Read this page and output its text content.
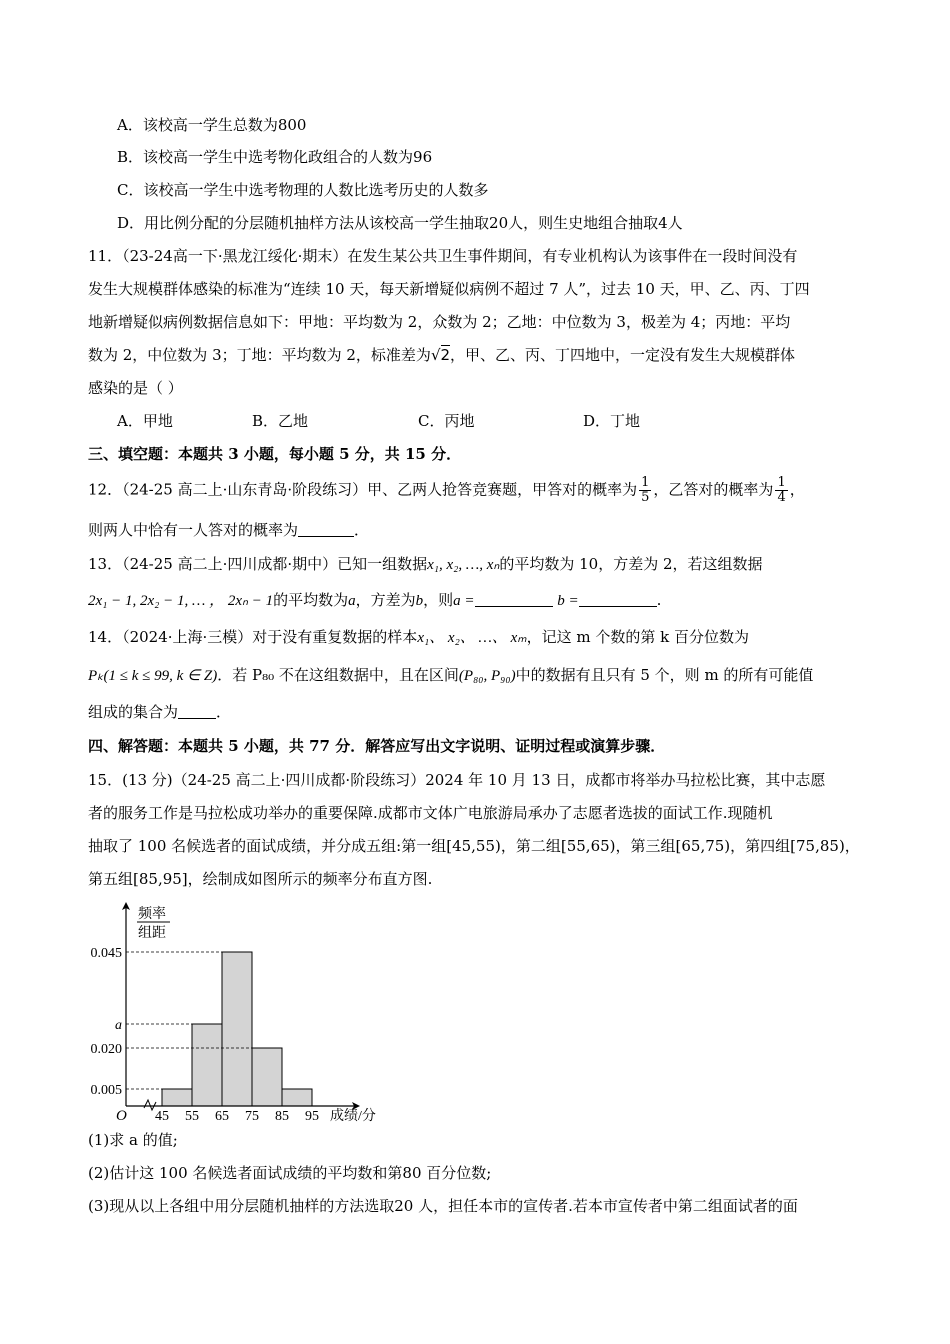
A．该校高一学生总数为800
B．该校高一学生中选考物化政组合的人数为96
C．该校高一学生中选考物理的人数比选考历史的人数多
D．用比例分配的分层随机抽样方法从该校高一学生抽取20人，则生史地组合抽取4人
11．（23-24高一下·黑龙江绥化·期末）在发生某公共卫生事件期间，有专业机构认为该事件在一段时间没有
发生大规模群体感染的标准为“连续 10 天，每天新增疑似病例不超过 7 人”，过去 10 天，甲、乙、丙、丁四
地新增疑似病例数据信息如下：甲地：平均数为 2，众数为 2；乙地：中位数为 3，极差为 4；丙地：平均
数为 2，中位数为 3；丁地：平均数为 2，标准差为√2，甲、乙、丙、丁四地中，一定没有发生大规模群体
感染的是（ ）
A．甲地	B．乙地	C．丙地	D．丁地
三、填空题：本题共 3 小题，每小题 5 分，共 15 分．
12．（24-25 高二上·山东青岛·阶段练习）甲、乙两人抢答竞赛题，甲答对的概率为 $\frac{1}{5}$ ，乙答对的概率为 $\frac{1}{4}$ ，
则两人中恰有一人答对的概率为	．
13．（24-25 高二上·四川成都·期中）已知一组数据x₁, x₂, …, xₙ的平均数为 10，方差为 2，若这组数据
2x₁ − 1, 2x₂ − 1, … ， 2xₙ − 1的平均数为a，方差为b，则a =	b =	.
14．（2024·上海·三模）对于没有重复数据的样本x₁、 x₂、 …、 xₘ，记这 m 个数的第 k 百分位数为
Pₖ(1 ≤ k ≤ 99, k ∈ Z)．若 P₈₀ 不在这组数据中，且在区间(P₈₀, P₉₀)中的数据有且只有 5 个，则 m 的所有可能值
组成的集合为	．
四、解答题：本题共 5 小题，共 77 分．解答应写出文字说明、证明过程或演算步骤．
15．(13 分)（24-25 高二上·四川成都·阶段练习）2024 年 10 月 13 日，成都市将举办马拉松比赛，其中志愿
者的服务工作是马拉松成功举办的重要保障.成都市文体广电旅游局承办了志愿者选拔的面试工作.现随机
抽取了 100 名候选者的面试成绩，并分成五组:第一组[45,55)，第二组[55,65)，第三组[65,75)，第四组[75,85)，
第五组[85,95]，绘制成如图所示的频率分布直方图.
0.005
0.020
a
0.045
45 55 65 75 85 95
O
频率
组距
成绩/分
(1)求 a 的值;
(2)估计这 100 名候选者面试成绩的平均数和第80 百分位数;
(3)现从以上各组中用分层随机抽样的方法选取20 人，担任本市的宣传者.若本市宣传者中第二组面试者的面
